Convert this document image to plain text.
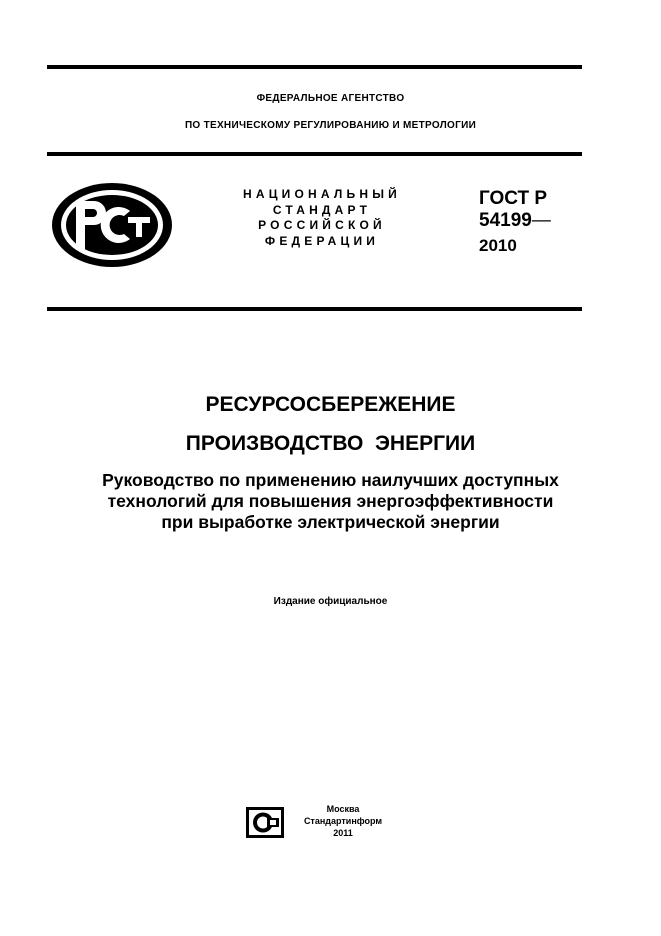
ФЕДЕРАЛЬНОЕ АГЕНТСТВО
ПО ТЕХНИЧЕСКОМУ РЕГУЛИРОВАНИЮ И МЕТРОЛОГИИ
НАЦИОНАЛЬНЫЙ
СТАНДАРТ
РОССИЙСКОЙ
ФЕДЕРАЦИИ
ГОСТ Р
54199—
2010
РЕСУРСОСБЕРЕЖЕНИЕ
ПРОИЗВОДСТВО  ЭНЕРГИИ
Руководство по применению наилучших доступных
технологий для повышения энергоэффективности
при выработке электрической энергии
Издание официальное
Москва
Стандартинформ
2011
